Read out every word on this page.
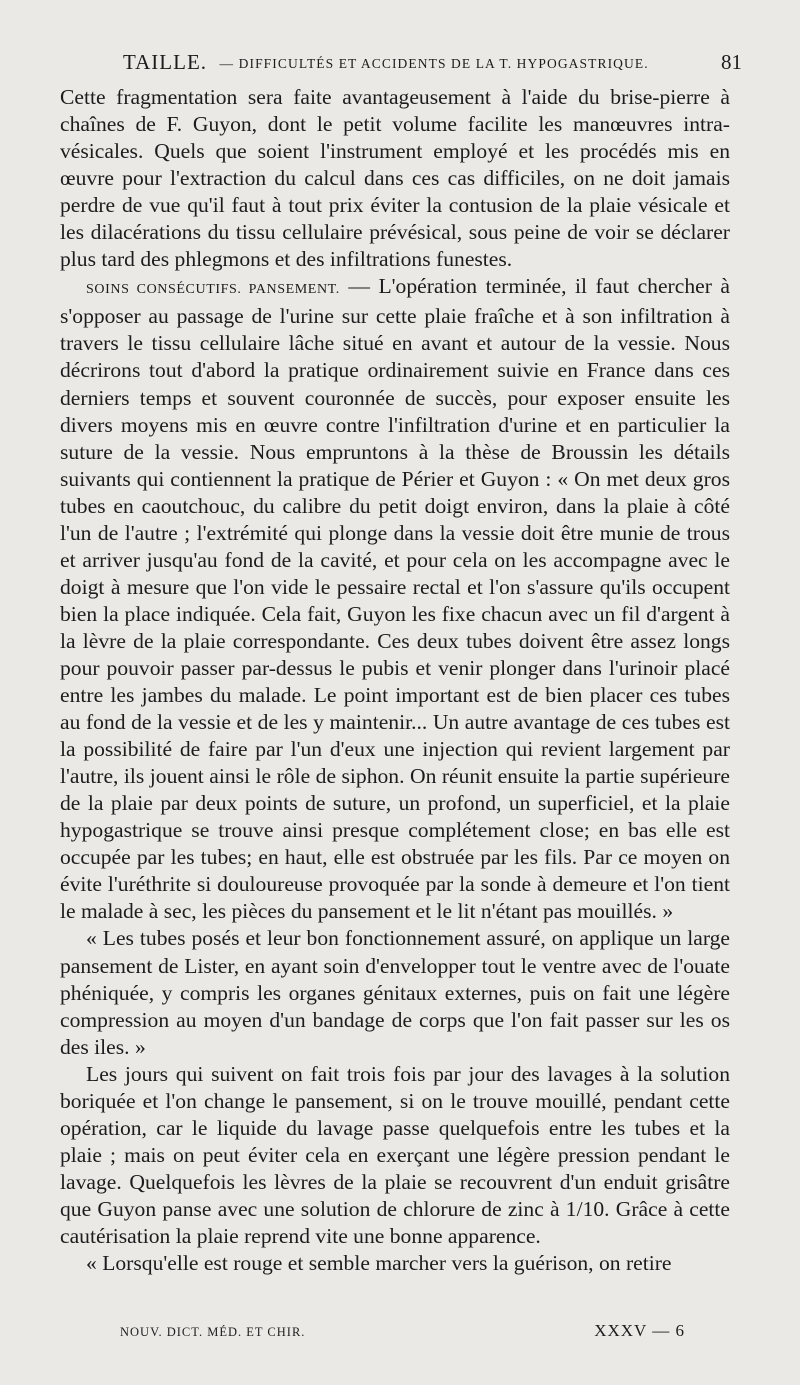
TAILLE. — DIFFICULTÉS ET ACCIDENTS DE LA T. HYPOGASTRIQUE.	81

Cette fragmentation sera faite avantageusement à l'aide du brise-pierre à chaînes de F. Guyon, dont le petit volume facilite les manœuvres intra-vésicales. Quels que soient l'instrument employé et les procédés mis en œuvre pour l'extraction du calcul dans ces cas difficiles, on ne doit jamais perdre de vue qu'il faut à tout prix éviter la contusion de la plaie vésicale et les dilacérations du tissu cellulaire prévésical, sous peine de voir se déclarer plus tard des phlegmons et des infiltrations funestes.

SOINS CONSÉCUTIFS. PANSEMENT. — L'opération terminée, il faut chercher à s'opposer au passage de l'urine sur cette plaie fraîche et à son infiltration à travers le tissu cellulaire lâche situé en avant et autour de la vessie. Nous décrirons tout d'abord la pratique ordinairement suivie en France dans ces derniers temps et souvent couronnée de succès, pour exposer ensuite les divers moyens mis en œuvre contre l'infiltration d'urine et en particulier la suture de la vessie. Nous empruntons à la thèse de Broussin les détails suivants qui contiennent la pratique de Périer et Guyon : « On met deux gros tubes en caoutchouc, du calibre du petit doigt environ, dans la plaie à côté l'un de l'autre ; l'extrémité qui plonge dans la vessie doit être munie de trous et arriver jusqu'au fond de la cavité, et pour cela on les accompagne avec le doigt à mesure que l'on vide le pessaire rectal et l'on s'assure qu'ils occupent bien la place indiquée. Cela fait, Guyon les fixe chacun avec un fil d'argent à la lèvre de la plaie correspondante. Ces deux tubes doivent être assez longs pour pouvoir passer par-dessus le pubis et venir plonger dans l'urinoir placé entre les jambes du malade. Le point important est de bien placer ces tubes au fond de la vessie et de les y maintenir... Un autre avantage de ces tubes est la possibilité de faire par l'un d'eux une injection qui revient largement par l'autre, ils jouent ainsi le rôle de siphon. On réunit ensuite la partie supérieure de la plaie par deux points de suture, un profond, un superficiel, et la plaie hypogastrique se trouve ainsi presque complétement close; en bas elle est occupée par les tubes; en haut, elle est obstruée par les fils. Par ce moyen on évite l'uréthrite si douloureuse provoquée par la sonde à demeure et l'on tient le malade à sec, les pièces du pansement et le lit n'étant pas mouillés. »

« Les tubes posés et leur bon fonctionnement assuré, on applique un large pansement de Lister, en ayant soin d'envelopper tout le ventre avec de l'ouate phéniquée, y compris les organes génitaux externes, puis on fait une légère compression au moyen d'un bandage de corps que l'on fait passer sur les os des iles. »

Les jours qui suivent on fait trois fois par jour des lavages à la solution boriquée et l'on change le pansement, si on le trouve mouillé, pendant cette opération, car le liquide du lavage passe quelquefois entre les tubes et la plaie ; mais on peut éviter cela en exerçant une légère pression pendant le lavage. Quelquefois les lèvres de la plaie se recouvrent d'un enduit grisâtre que Guyon panse avec une solution de chlorure de zinc à 1/10. Grâce à cette cautérisation la plaie reprend vite une bonne apparence.

« Lorsqu'elle est rouge et semble marcher vers la guérison, on retire

NOUV. DICT. MÉD. ET CHIR.	XXXV — 6
